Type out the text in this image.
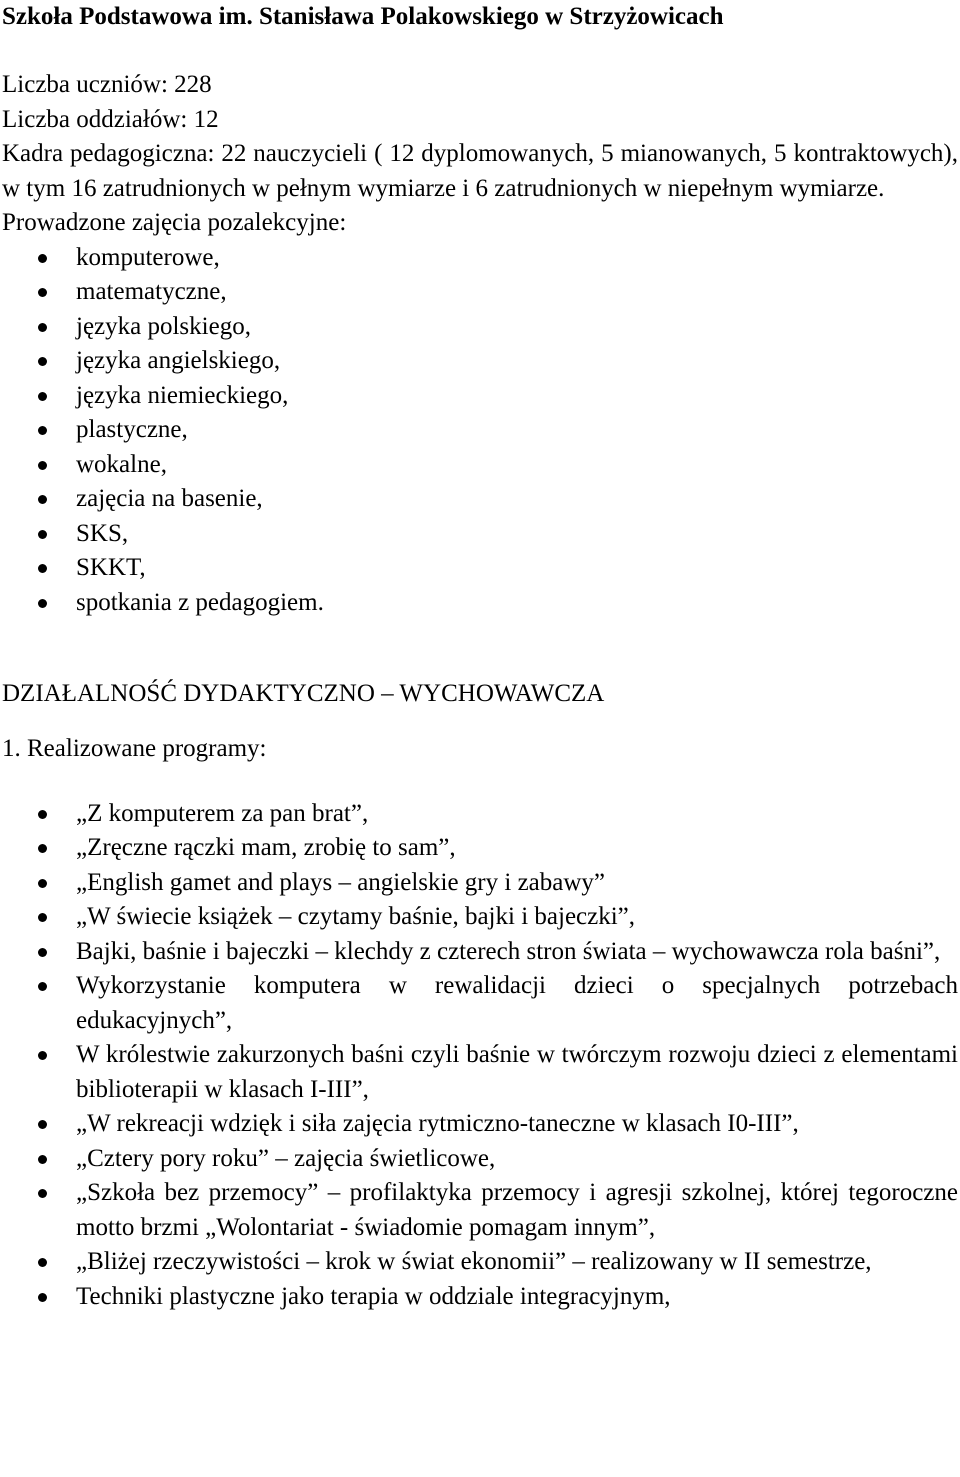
Szkoła Podstawowa im. Stanisława Polakowskiego w Strzyżowicach

Liczba uczniów: 228

Liczba oddziałów: 12

Kadra pedagogiczna: 22 nauczycieli ( 12 dyplomowanych, 5 mianowanych, 5 kontraktowych), w tym 16 zatrudnionych w pełnym wymiarze i 6 zatrudnionych w niepełnym wymiarze.

Prowadzone zajęcia pozalekcyjne:

komputerowe,
matematyczne,
języka polskiego,
języka angielskiego,
języka niemieckiego,
plastyczne,
wokalne,
zajęcia na basenie,
SKS,
SKKT,
spotkania z pedagogiem.
DZIAŁALNOŚĆ DYDAKTYCZNO – WYCHOWAWCZA
1. Realizowane programy:
„Z komputerem za pan brat”,
„Zręczne rączki mam, zrobię to sam”,
„English gamet and plays – angielskie gry i zabawy”
„W świecie książek – czytamy baśnie, bajki i bajeczki”,
Bajki, baśnie i bajeczki – klechdy z czterech stron świata – wychowawcza rola baśni”,
Wykorzystanie komputera w rewalidacji dzieci o specjalnych potrzebach edukacyjnych”,
W królestwie zakurzonych baśni czyli baśnie w twórczym rozwoju dzieci z elementami biblioterapii w klasach I-III”,
„W rekreacji wdzięk i siła zajęcia rytmiczno-taneczne w klasach I0-III”,
„Cztery pory roku” – zajęcia świetlicowe,
„Szkoła bez przemocy” – profilaktyka przemocy i agresji szkolnej, której tegoroczne motto brzmi „Wolontariat - świadomie pomagam innym”,
„Bliżej rzeczywistości – krok w świat ekonomii” – realizowany w II semestrze,
Techniki plastyczne jako terapia w oddziale integracyjnym,
